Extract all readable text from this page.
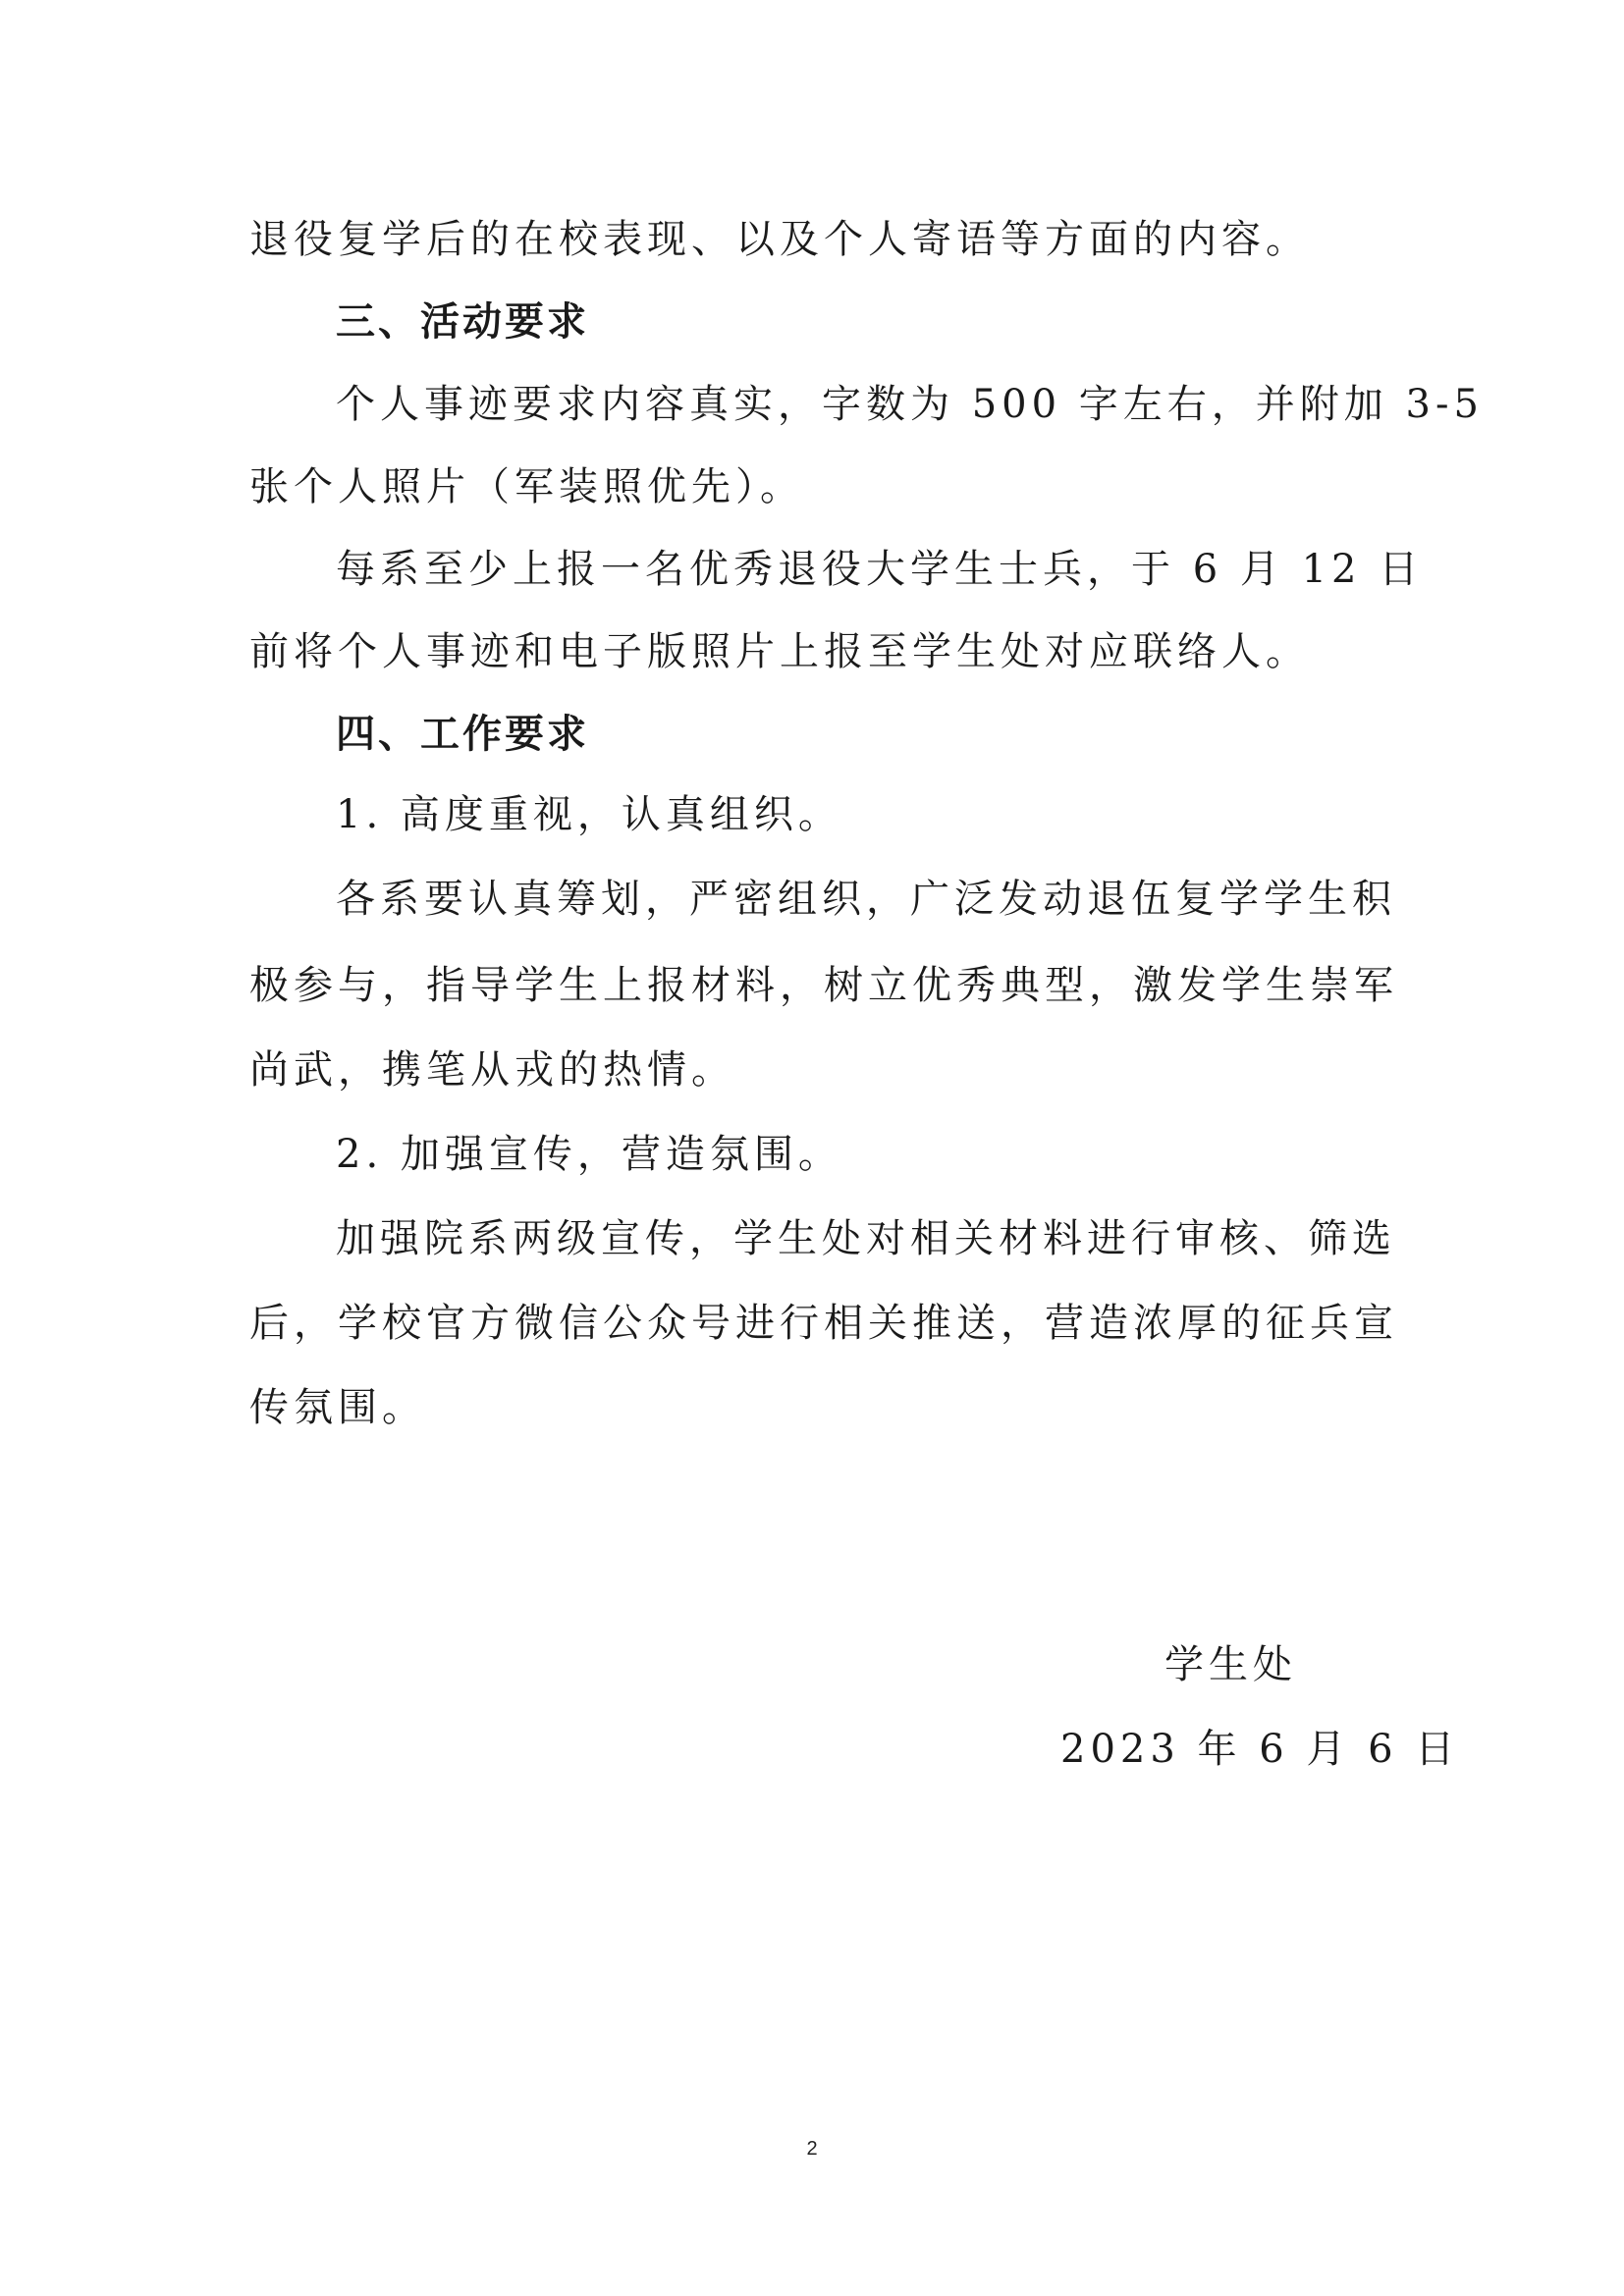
退役复学后的在校表现、以及个人寄语等方面的内容。
三、活动要求
个人事迹要求内容真实，字数为 500 字左右，并附加 3-5
张个人照片（军装照优先）。
每系至少上报一名优秀退役大学生士兵，于 6 月 12 日
前将个人事迹和电子版照片上报至学生处对应联络人。
四、工作要求
1. 高度重视，认真组织。
各系要认真筹划，严密组织，广泛发动退伍复学学生积
极参与，指导学生上报材料，树立优秀典型，激发学生崇军
尚武，携笔从戎的热情。
2. 加强宣传，营造氛围。
加强院系两级宣传，学生处对相关材料进行审核、筛选
后，学校官方微信公众号进行相关推送，营造浓厚的征兵宣
传氛围。
学生处
2023 年 6 月 6 日
2
